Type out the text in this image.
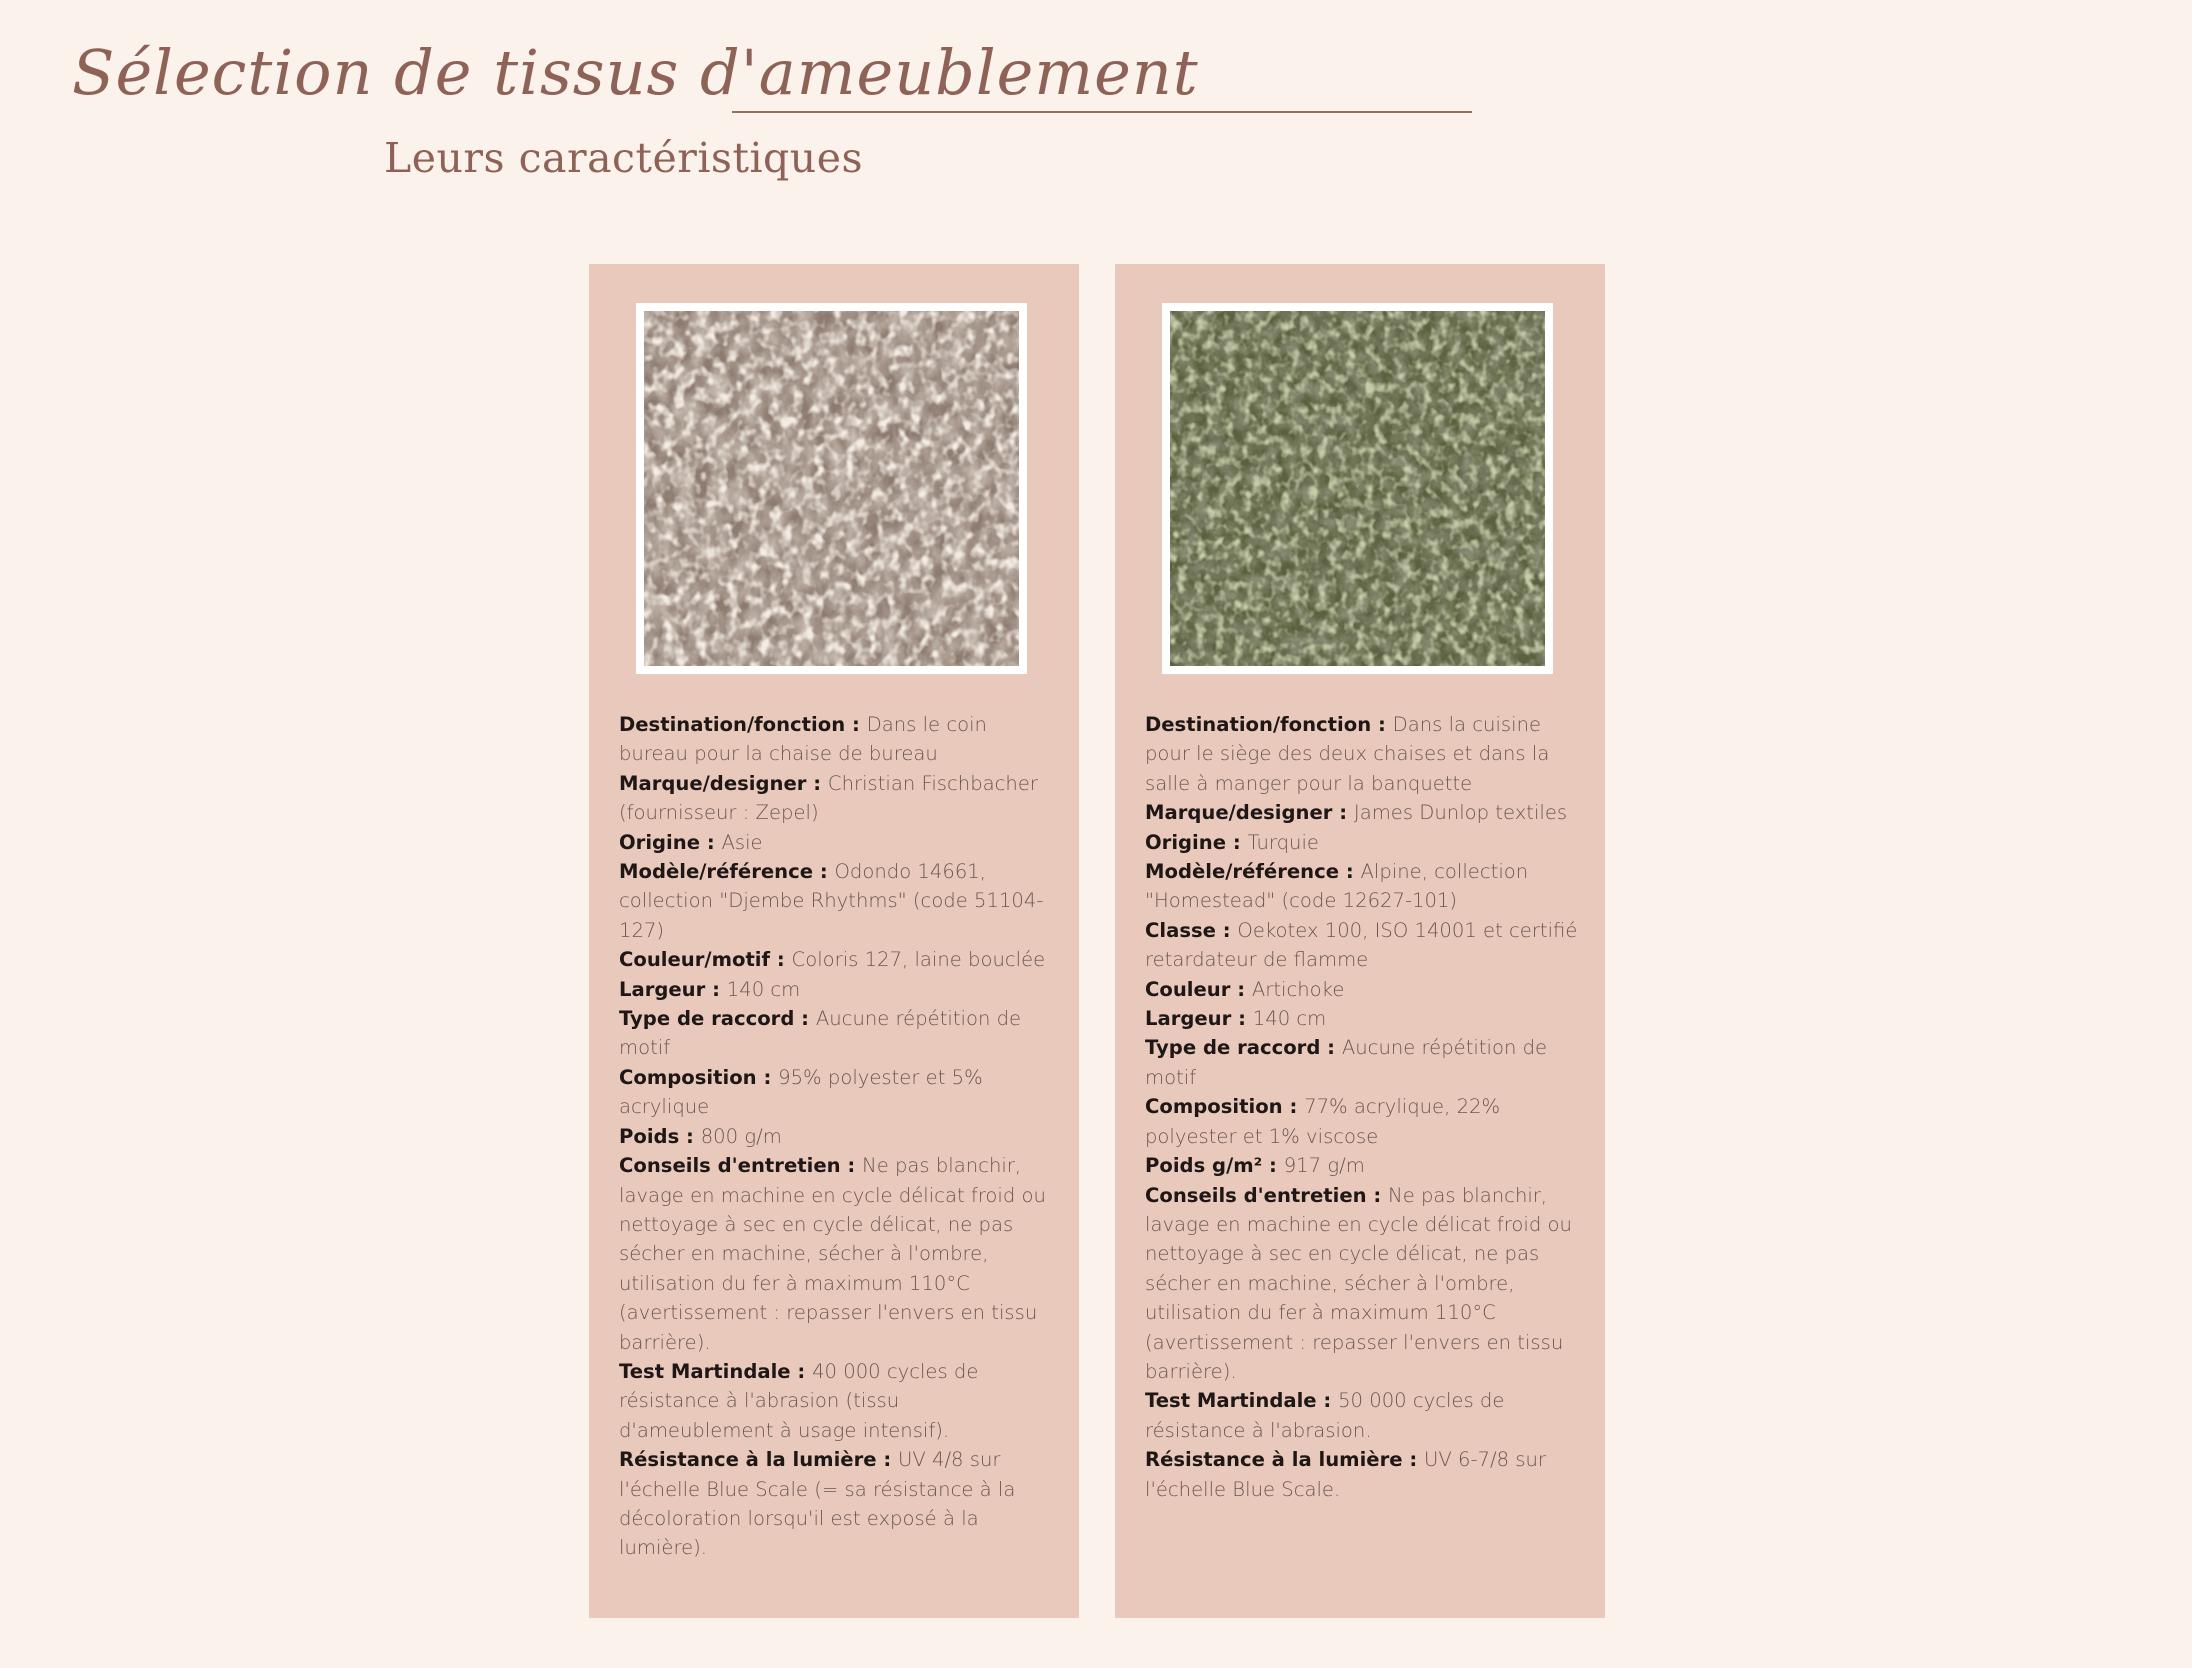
Sélection de tissus d'ameublement
Leurs caractéristiques

Destination/fonction : Dans le coin bureau pour la chaise de bureau

Marque/designer : Christian Fischbacher (fournisseur : Zepel)

Origine : Asie

Modèle/référence : Odondo 14661, collection "Djembe Rhythms" (code 51104-127)

Couleur/motif : Coloris 127, laine bouclée

Largeur : 140 cm

Type de raccord : Aucune répétition de motif

Composition : 95% polyester et 5% acrylique

Poids : 800 g/m

Conseils d'entretien : Ne pas blanchir, lavage en machine en cycle délicat froid ou nettoyage à sec en cycle délicat, ne pas sécher en machine, sécher à l'ombre, utilisation du fer à maximum 110°C (avertissement : repasser l'envers en tissu barrière).

Test Martindale : 40 000 cycles de résistance à l'abrasion (tissu d'ameublement à usage intensif).

Résistance à la lumière : UV 4/8 sur l'échelle Blue Scale (= sa résistance à la décoloration lorsqu'il est exposé à la lumière).

Destination/fonction : Dans la cuisine pour le siège des deux chaises et dans la salle à manger pour la banquette

Marque/designer : James Dunlop textiles

Origine : Turquie

Modèle/référence : Alpine, collection "Homestead" (code 12627-101)

Classe : Oekotex 100, ISO 14001 et certifié retardateur de flamme

Couleur : Artichoke

Largeur : 140 cm

Type de raccord : Aucune répétition de motif

Composition : 77% acrylique, 22% polyester et 1% viscose

Poids g/m² : 917 g/m

Conseils d'entretien : Ne pas blanchir, lavage en machine en cycle délicat froid ou nettoyage à sec en cycle délicat, ne pas sécher en machine, sécher à l'ombre, utilisation du fer à maximum 110°C (avertissement : repasser l'envers en tissu barrière).

Test Martindale : 50 000 cycles de résistance à l'abrasion.

Résistance à la lumière : UV 6-7/8 sur l'échelle Blue Scale.
